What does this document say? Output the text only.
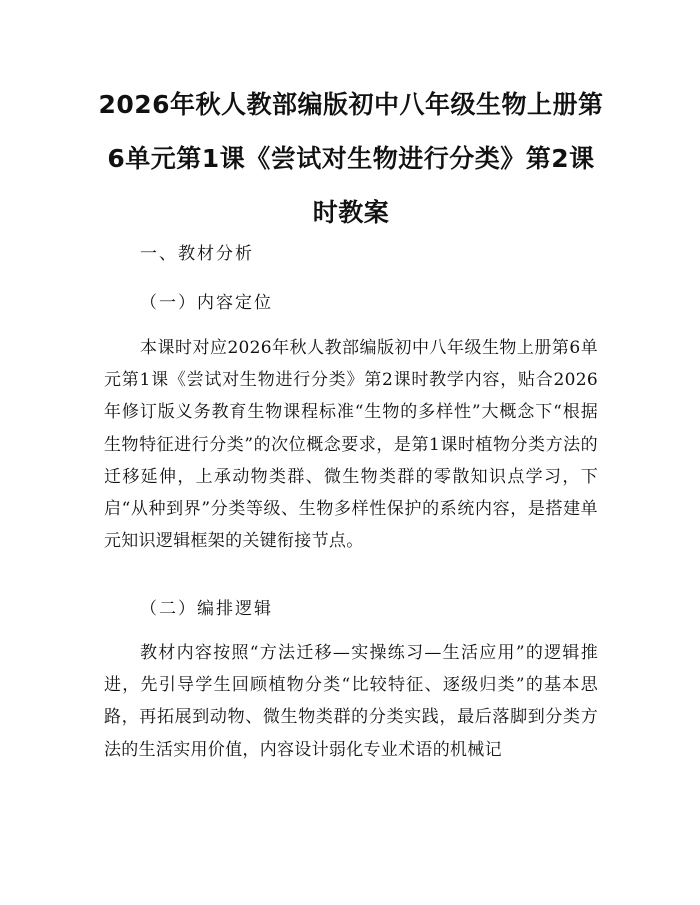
2026年秋人教部编版初中八年级生物上册第6单元第1课《尝试对生物进行分类》第2课时教案

一、教材分析

（一）内容定位

本课时对应2026年秋人教部编版初中八年级生物上册第6单元第1课《尝试对生物进行分类》第2课时教学内容，贴合2026年修订版义务教育生物课程标准“生物的多样性”大概念下“根据生物特征进行分类”的次位概念要求，是第1课时植物分类方法的迁移延伸，上承动物类群、微生物类群的零散知识点学习，下启“从种到界”分类等级、生物多样性保护的系统内容，是搭建单元知识逻辑框架的关键衔接节点。

（二）编排逻辑

教材内容按照“方法迁移—实操练习—生活应用”的逻辑推进，先引导学生回顾植物分类“比较特征、逐级归类”的基本思路，再拓展到动物、微生物类群的分类实践，最后落脚到分类方法的生活实用价值，内容设计弱化专业术语的机械记
